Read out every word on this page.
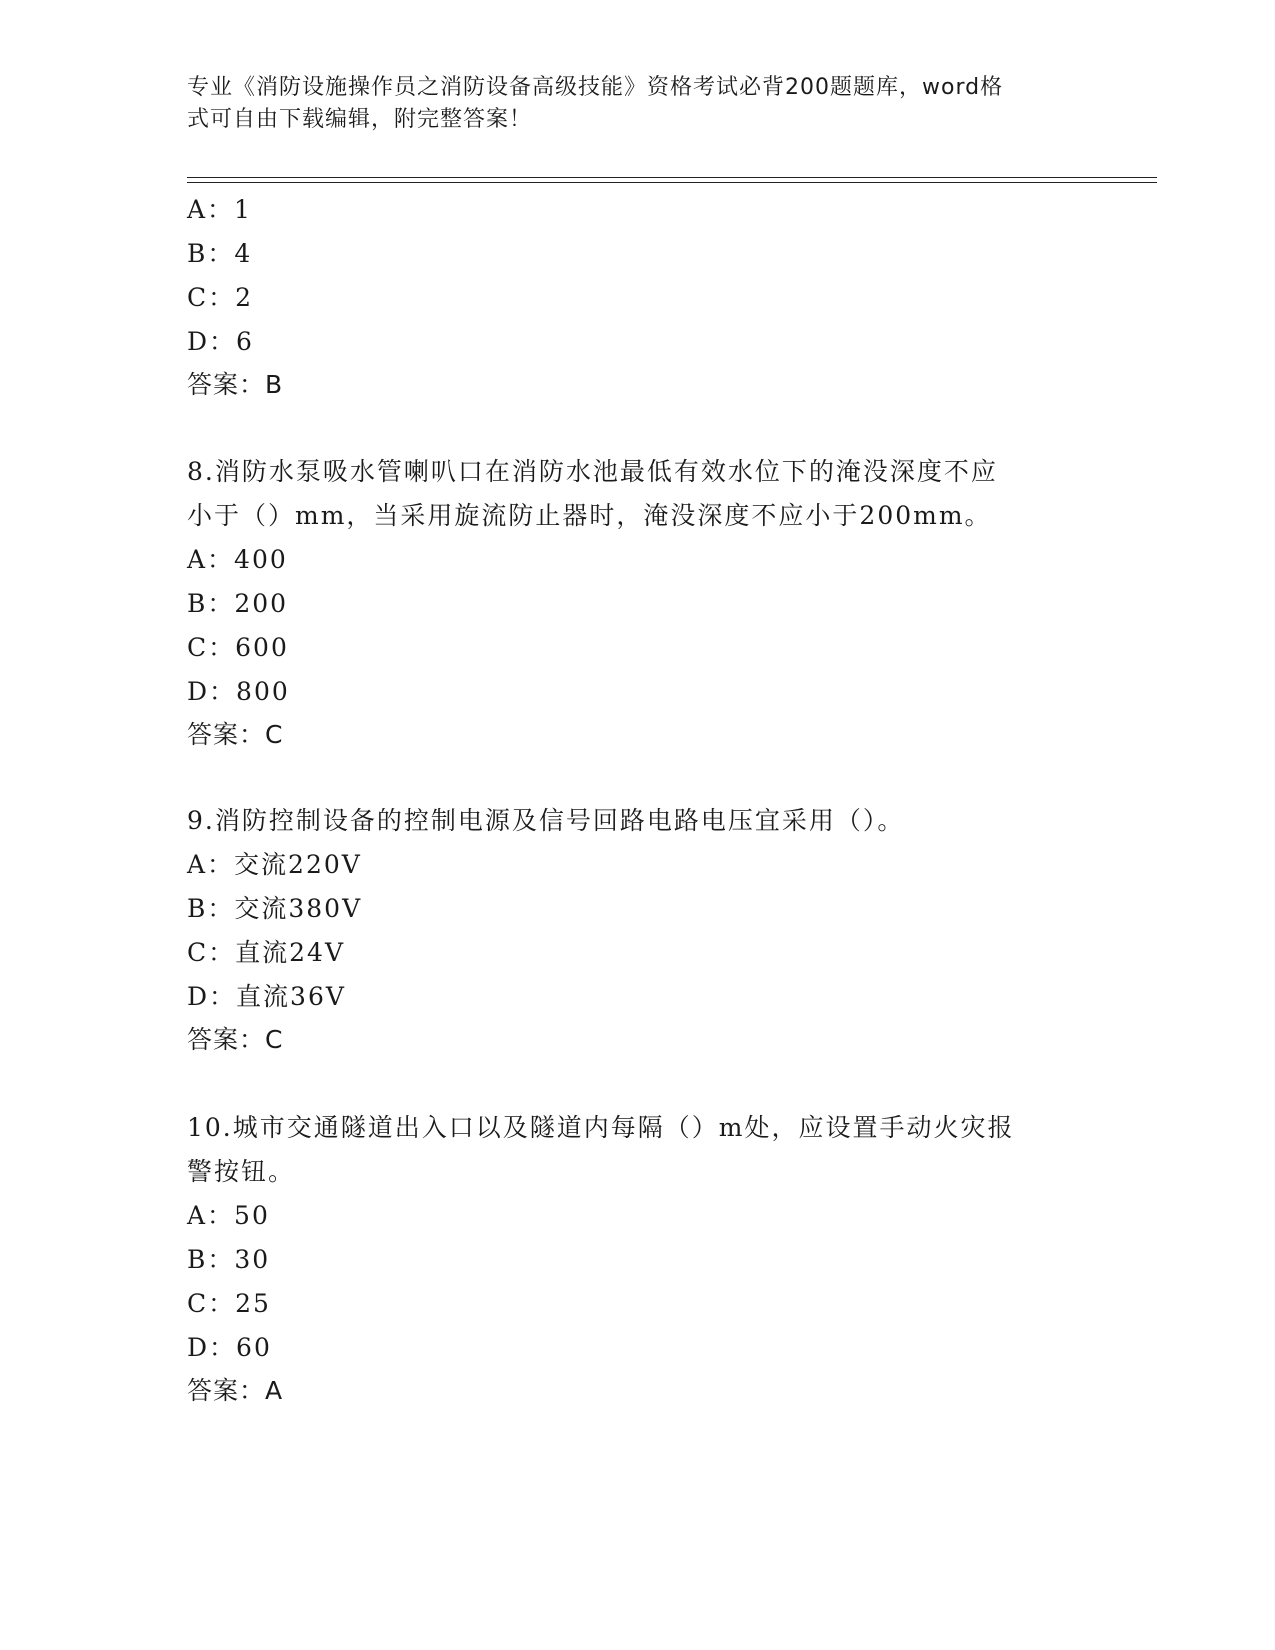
专业《消防设施操作员之消防设备高级技能》资格考试必背200题题库，word格
式可自由下载编辑，附完整答案！
A：1
B：4
C：2
D：6
答案：B
8.消防水泵吸水管喇叭口在消防水池最低有效水位下的淹没深度不应
小于（）mm，当采用旋流防止器时，淹没深度不应小于200mm。
A：400
B：200
C：600
D：800
答案：C
9.消防控制设备的控制电源及信号回路电路电压宜采用（）。
A：交流220V
B：交流380V
C：直流24V
D：直流36V
答案：C
10.城市交通隧道出入口以及隧道内每隔（）m处，应设置手动火灾报
警按钮。
A：50
B：30
C：25
D：60
答案：A
